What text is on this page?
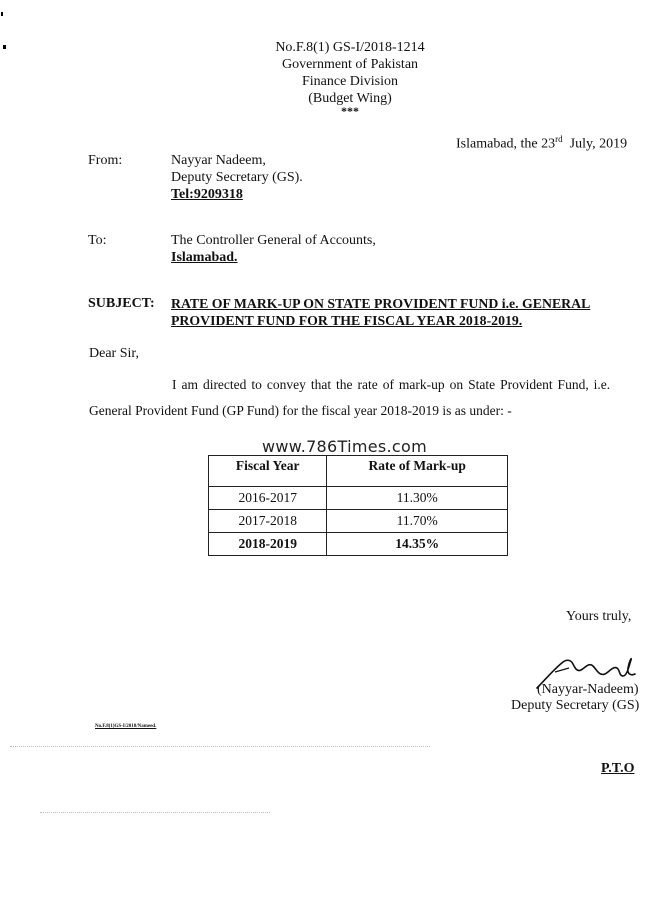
No.F.8(1) GS-I/2018-1214
Government of Pakistan
Finance Division
(Budget Wing)
***
Islamabad, the 23rd July, 2019
From:	Nayyar Nadeem,
Deputy Secretary (GS).
Tel:9209318
To:	The Controller General of Accounts,
Islamabad.
SUBJECT: RATE OF MARK-UP ON STATE PROVIDENT FUND i.e. GENERAL
PROVIDENT FUND FOR THE FISCAL YEAR 2018-2019.
Dear Sir,
I am directed to convey that the rate of mark-up on State Provident Fund, i.e.
General Provident Fund (GP Fund) for the fiscal year 2018-2019 is as under: -
www.786Times.com
Fiscal Year	Rate of Mark-up
2016-2017	11.30%
2017-2018	11.70%
2018-2019	14.35%
Yours truly,
(Nayyar-Nadeem)
Deputy Secretary (GS)
No.F.8(1)GS-I/2018/Nameed.
P.T.O
